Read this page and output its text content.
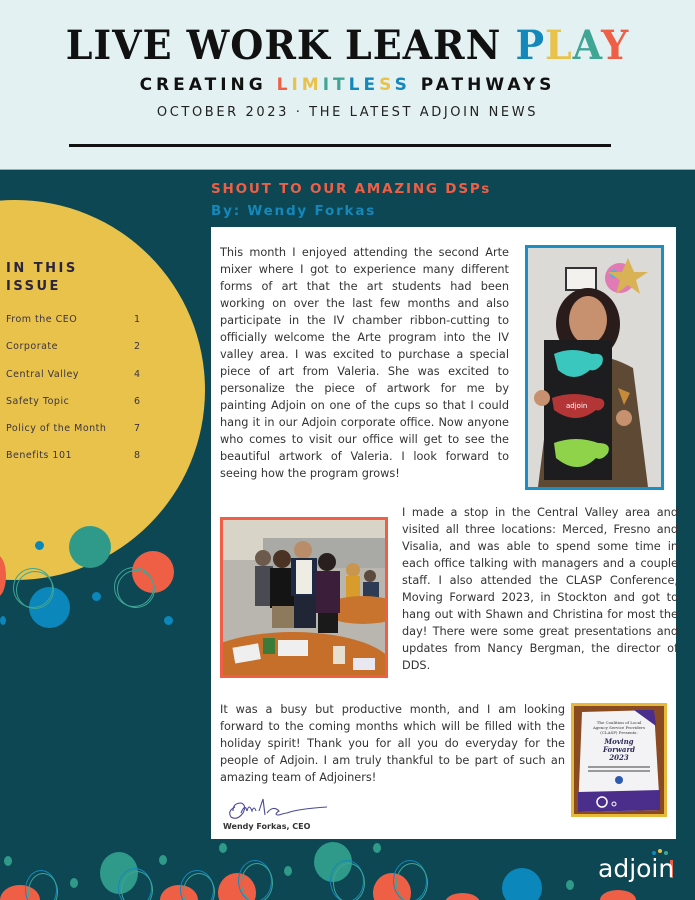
LIVE WORK LEARN PLAY
CREATING LIMITLESS PATHWAYS
OCTOBER 2023 · THE LATEST ADJOIN NEWS
IN THIS
ISSUE
From the CEO	1
Corporate	2
Central Valley	4
Safety Topic	6
Policy of the Month	7
Benefits 101	8
SHOUT TO OUR AMAZING DSPs
By: Wendy Forkas

This month I enjoyed attending the second Arte mixer where I got to experience many different forms of art that the art students had been working on over the last few months and also participate in the IV chamber ribbon-cutting to officially welcome the Arte program into the IV valley area. I was excited to purchase a special piece of art from Valeria. She was excited to personalize the piece of artwork for me by painting Adjoin on one of the cups so that I could hang it in our Adjoin corporate office. Now anyone who comes to visit our office will get to see the beautiful artwork of Valeria. I look forward to seeing how the program grows!

adjoin

I made a stop in the Central Valley area and visited all three locations: Merced, Fresno and Visalia, and was able to spend some time in each office talking with managers and a couple staff. I also attended the CLASP Conference, Moving Forward 2023, in Stockton and got to hang out with Shawn and Christina for most the day! There were some great presentations and updates from Nancy Bergman, the director of DDS.

It was a busy but productive month, and I am looking forward to the coming months which will be filled with the holiday spirit! Thank you for all you do everyday for the people of Adjoin. I am truly thankful to be part of such an amazing team of Adjoiners!

The Coalition of Local
Agency Service Providers
(CLASP) Presents:
Moving
Forward
2023
Wendy Forkas, CEO
adjoin
